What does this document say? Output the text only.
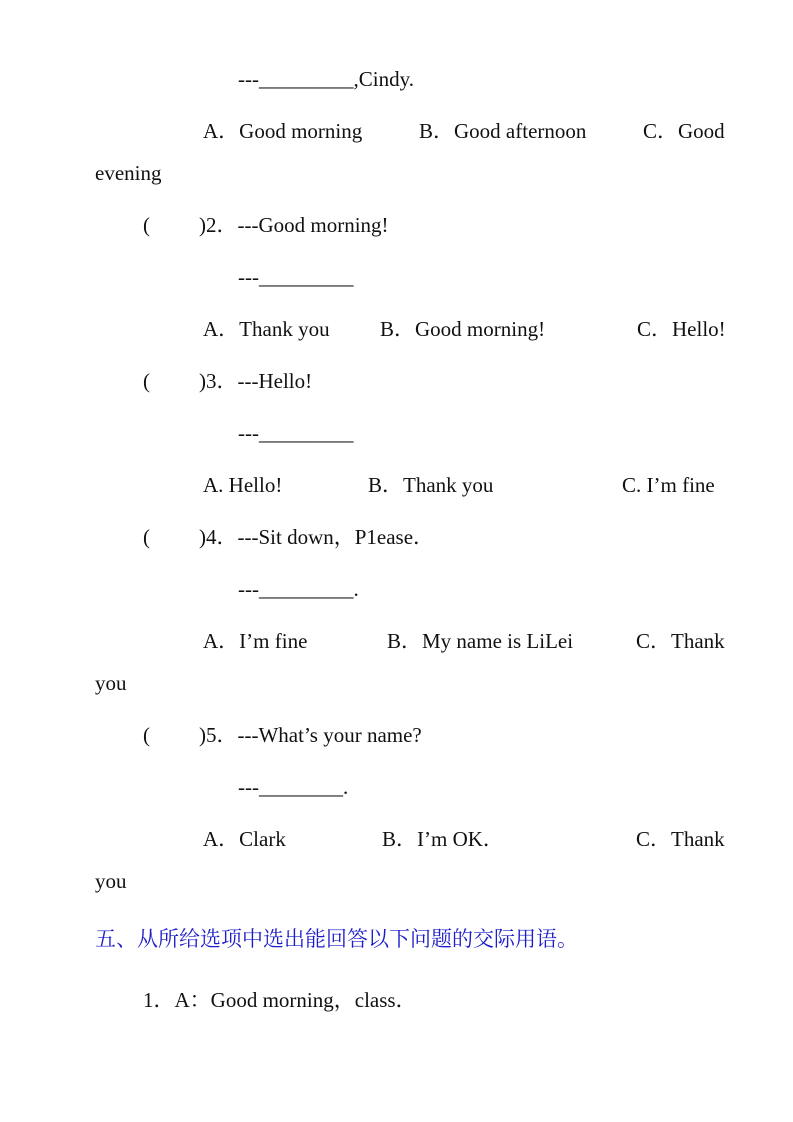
---_________,Cindy.
A．Good morning	B．Good afternoon	C．Good
evening
( )2．---Good morning!
---_________
A．Thank you B．Good morning!	C．Hello!
( )3．---Hello!
---_________
A. Hello!	B．Thank you	C. I’m fine
( )4．---Sit down，P1ease．
---_________.
A．I’m fine	B．My name is LiLei	C．Thank
you
( )5．---What’s your name?
---________.
A．Clark	B．I’m OK．	C．Thank
you
五、从所给选项中选出能回答以下问题的交际用语。
1．A：Good morning，class．
